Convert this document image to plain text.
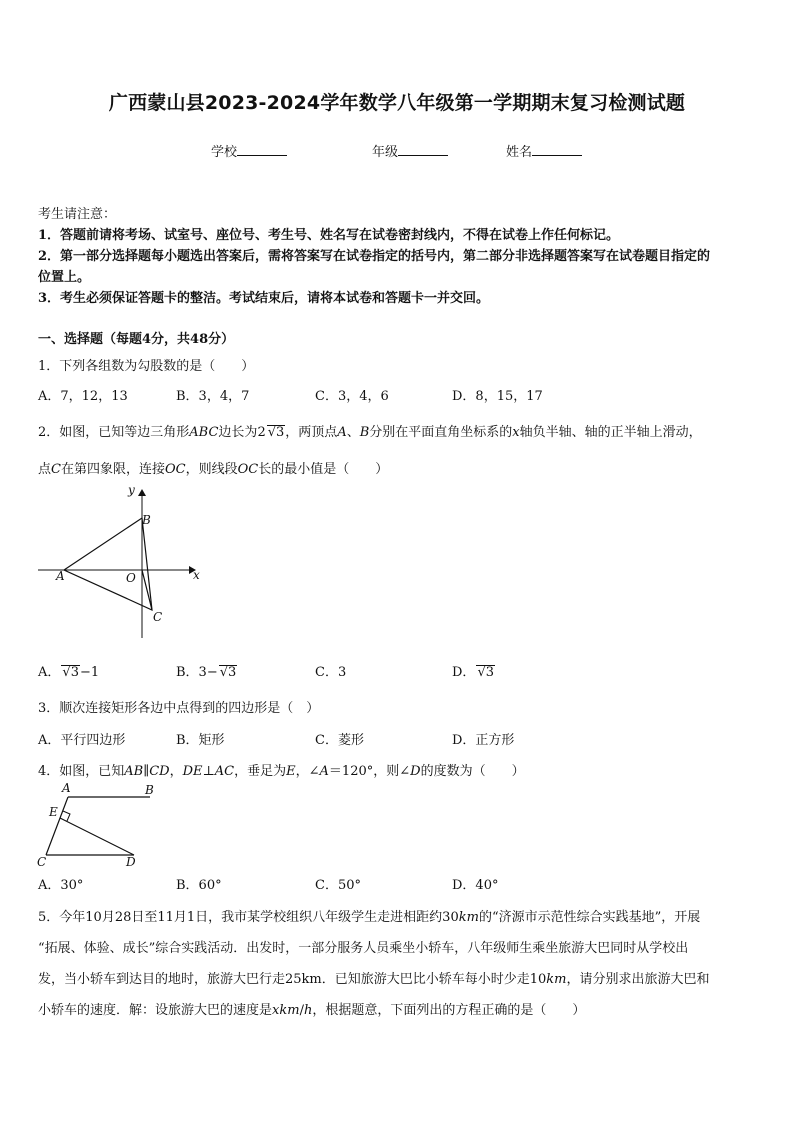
广西蒙山县2023-2024学年数学八年级第一学期期末复习检测试题
学校	年级	姓名
考生请注意：
1．答题前请将考场、试室号、座位号、考生号、姓名写在试卷密封线内，不得在试卷上作任何标记。
2．第一部分选择题每小题选出答案后，需将答案写在试卷指定的括号内，第二部分非选择题答案写在试卷题目指定的
位置上。
3．考生必须保证答题卡的整洁。考试结束后，请将本试卷和答题卡一并交回。
一、选择题（每题4分，共48分）
1．下列各组数为勾股数的是（　　）
A．7，12，13	B．3，4，7	C．3，4，6	D．8，15，17
2．如图，已知等边三角形ABC边长为2 √3，两顶点A、B分别在平面直角坐标系的x轴负半轴、轴的正半轴上滑动，
点C在第四象限，连接OC，则线段OC长的最小值是（　　）
y
x
B
A	O
C
A． √3−1	B．3− √3	C．3	D． √3
3．顺次连接矩形各边中点得到的四边形是（　）
A．平行四边形	B．矩形	C．菱形	D．正方形
4．如图，已知AB∥CD，DE⊥AC，垂足为E，∠A＝120°，则∠D的度数为（　　）
A	B
E
C	D
A．30°	B．60°	C．50°	D．40°
5．今年10月28日至11月1日，我市某学校组织八年级学生走进相距约30km的“济源市示范性综合实践基地”，开展
“拓展、体验、成长”综合实践活动．出发时，一部分服务人员乘坐小轿车，八年级师生乘坐旅游大巴同时从学校出
发，当小轿车到达目的地时，旅游大巴行走25km．已知旅游大巴比小轿车每小时少走10km，请分别求出旅游大巴和
小轿车的速度．解：设旅游大巴的速度是xkm/h，根据题意，下面列出的方程正确的是（　　）
